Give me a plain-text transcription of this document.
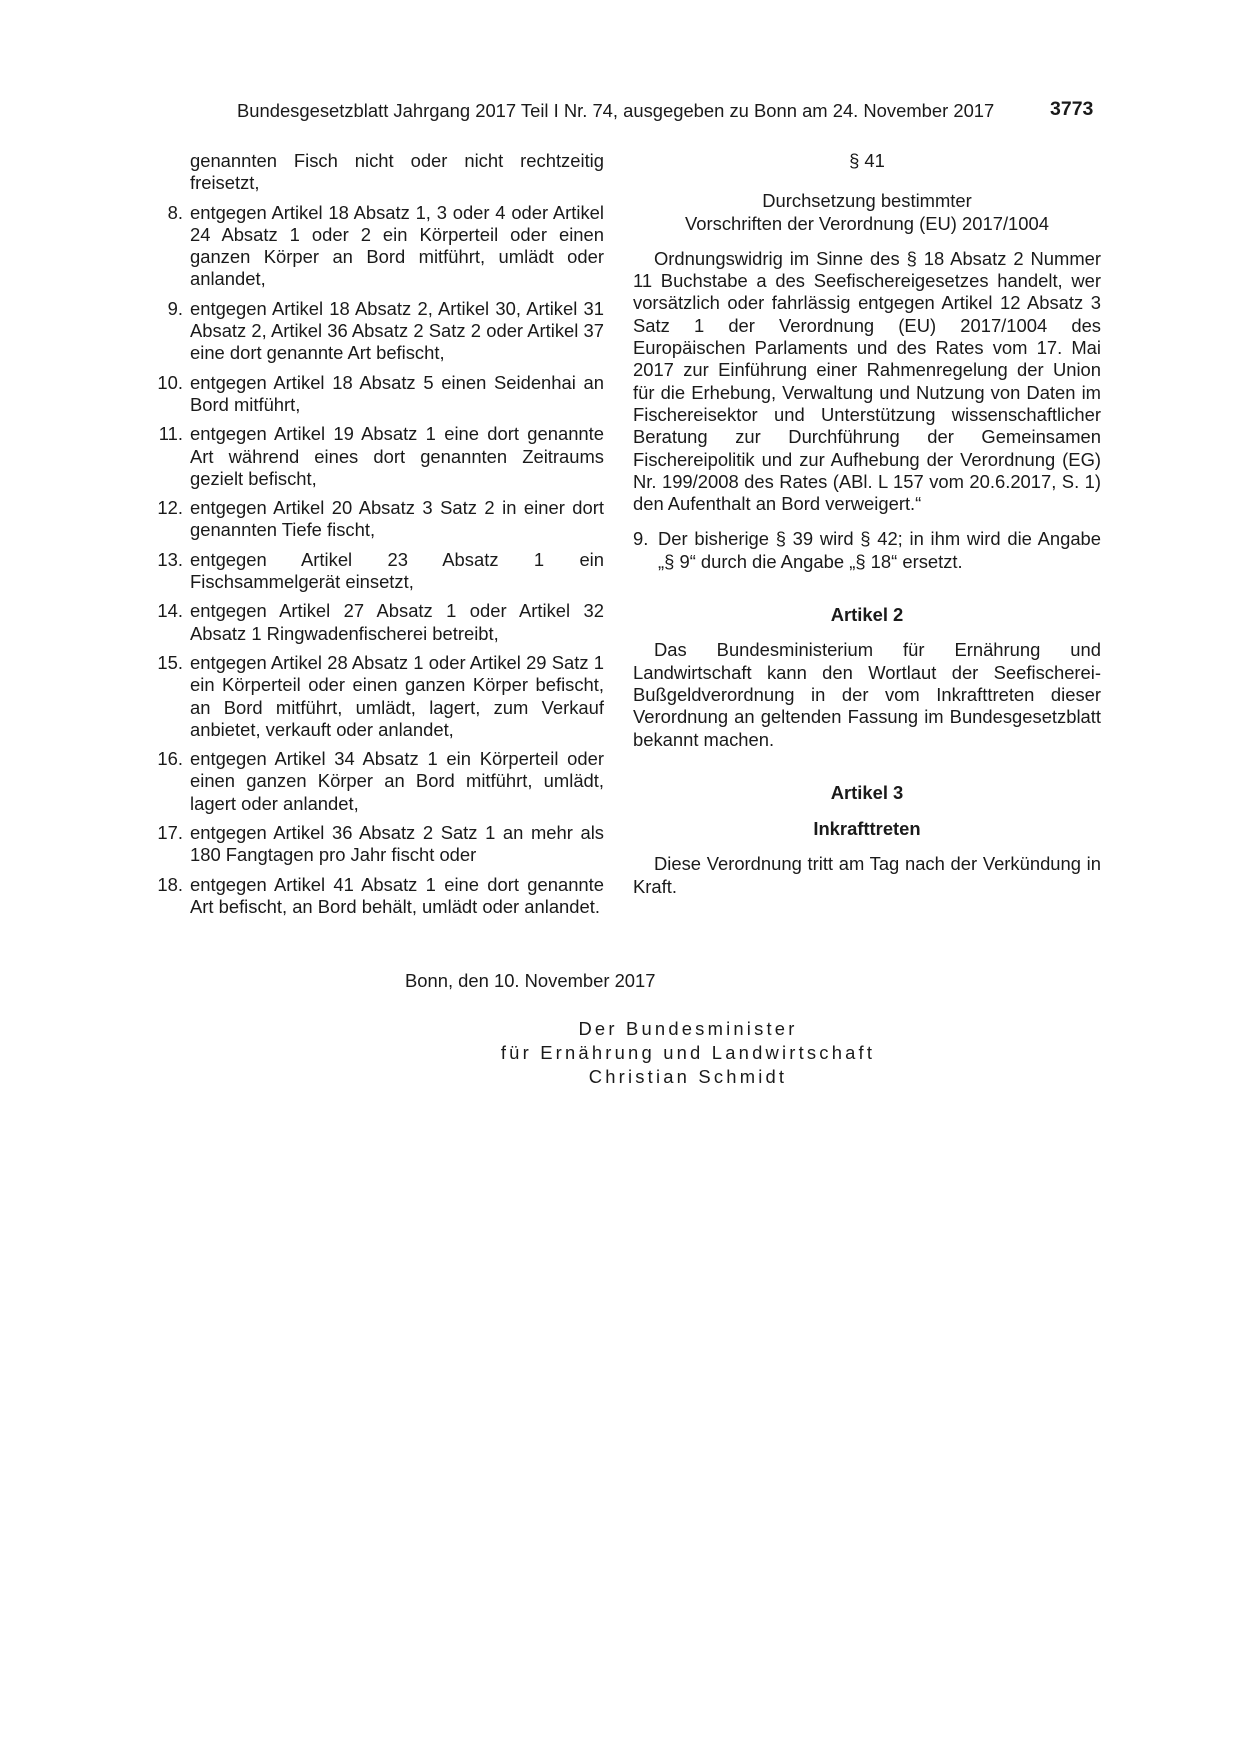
Bundesgesetzblatt Jahrgang 2017 Teil I Nr. 74, ausgegeben zu Bonn am 24. November 2017	3773
genannten Fisch nicht oder nicht rechtzeitig freisetzt,
8. entgegen Artikel 18 Absatz 1, 3 oder 4 oder Artikel 24 Absatz 1 oder 2 ein Körperteil oder einen ganzen Körper an Bord mitführt, umlädt oder anlandet,
9. entgegen Artikel 18 Absatz 2, Artikel 30, Artikel 31 Absatz 2, Artikel 36 Absatz 2 Satz 2 oder Artikel 37 eine dort genannte Art befischt,
10. entgegen Artikel 18 Absatz 5 einen Seidenhai an Bord mitführt,
11. entgegen Artikel 19 Absatz 1 eine dort genannte Art während eines dort genannten Zeitraums gezielt befischt,
12. entgegen Artikel 20 Absatz 3 Satz 2 in einer dort genannten Tiefe fischt,
13. entgegen Artikel 23 Absatz 1 ein Fischsammelgerät einsetzt,
14. entgegen Artikel 27 Absatz 1 oder Artikel 32 Absatz 1 Ringwadenfischerei betreibt,
15. entgegen Artikel 28 Absatz 1 oder Artikel 29 Satz 1 ein Körperteil oder einen ganzen Körper befischt, an Bord mitführt, umlädt, lagert, zum Verkauf anbietet, verkauft oder anlandet,
16. entgegen Artikel 34 Absatz 1 ein Körperteil oder einen ganzen Körper an Bord mitführt, umlädt, lagert oder anlandet,
17. entgegen Artikel 36 Absatz 2 Satz 1 an mehr als 180 Fangtagen pro Jahr fischt oder
18. entgegen Artikel 41 Absatz 1 eine dort genannte Art befischt, an Bord behält, umlädt oder anlandet.
§ 41
Durchsetzung bestimmter
Vorschriften der Verordnung (EU) 2017/1004
Ordnungswidrig im Sinne des § 18 Absatz 2 Nummer 11 Buchstabe a des Seefischereigesetzes handelt, wer vorsätzlich oder fahrlässig entgegen Artikel 12 Absatz 3 Satz 1 der Verordnung (EU) 2017/1004 des Europäischen Parlaments und des Rates vom 17. Mai 2017 zur Einführung einer Rahmenregelung der Union für die Erhebung, Verwaltung und Nutzung von Daten im Fischereisektor und Unterstützung wissenschaftlicher Beratung zur Durchführung der Gemeinsamen Fischereipolitik und zur Aufhebung der Verordnung (EG) Nr. 199/2008 des Rates (ABl. L 157 vom 20.6.2017, S. 1) den Aufenthalt an Bord verweigert.“
9. Der bisherige § 39 wird § 42; in ihm wird die Angabe „§ 9“ durch die Angabe „§ 18“ ersetzt.
Artikel 2
Das Bundesministerium für Ernährung und Landwirtschaft kann den Wortlaut der Seefischerei-Bußgeldverordnung in der vom Inkrafttreten dieser Verordnung an geltenden Fassung im Bundesgesetzblatt bekannt machen.
Artikel 3
Inkrafttreten
Diese Verordnung tritt am Tag nach der Verkündung in Kraft.
Bonn, den 10. November 2017
Der Bundesminister
für Ernährung und Landwirtschaft
Christian Schmidt
